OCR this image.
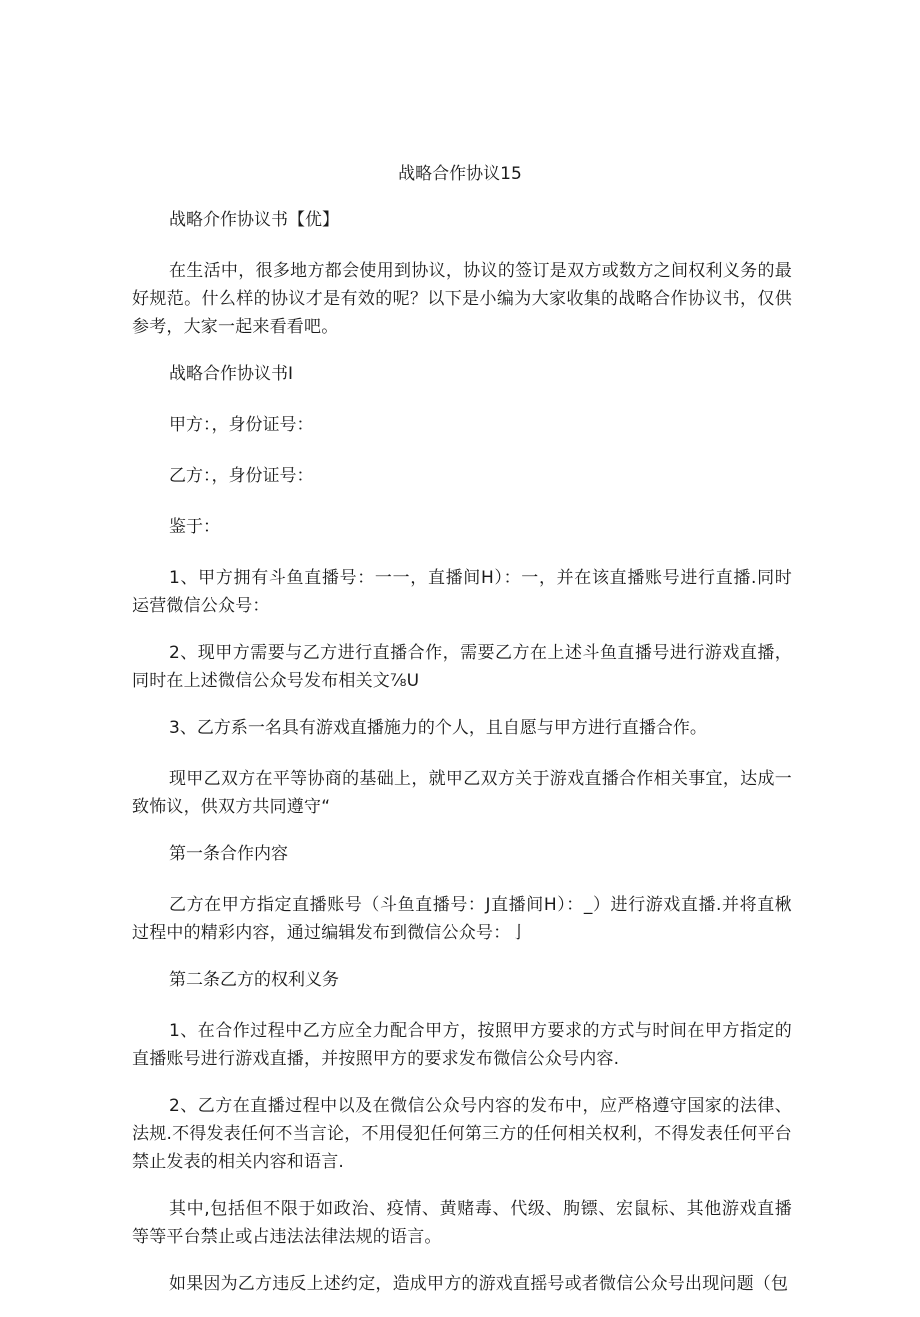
战略合作协议15

战略介作协议书【优】

在生活中，很多地方都会使用到协议，协议的签订是双方或数方之间权利义务的最好规范。什么样的协议才是有效的呢？以下是小编为大家收集的战略合作协议书，仅供参考，大家一起来看看吧。

战略合作协议书I

甲方：，身份证号：

乙方：，身份证号：

鉴于：

1、甲方拥有斗鱼直播号：一一，直播间H）：一，并在该直播账号进行直播.同时运营微信公众号：

2、现甲方需要与乙方进行直播合作，需要乙方在上述斗鱼直播号进行游戏直播，同时在上述微信公众号发布相关文⅞U

3、乙方系一名具有游戏直播施力的个人，且自愿与甲方进行直播合作。

现甲乙双方在平等协商的基础上，就甲乙双方关于游戏直播合作相关事宜，达成一致怖议，供双方共同遵守“

第一条合作内容

乙方在甲方指定直播账号（斗鱼直播号：J直播间H）：_）进行游戏直播.并将直楸过程中的精彩内容，通过编辑发布到微信公众号：亅

第二条乙方的权利义务

1、在合作过程中乙方应全力配合甲方，按照甲方要求的方式与时间在甲方指定的直播账号进行游戏直播，并按照甲方的要求发布微信公众号内容.

2、乙方在直播过程中以及在微信公众号内容的发布中，应严格遵守国家的法律、法规.不得发表任何不当言论，不用侵犯任何第三方的任何相关权利，不得发表任何平台禁止发表的相关内容和语言.

其中,包括但不限于如政治、疫情、黄赌毒、代级、朐镖、宏鼠标、其他游戏直播等等平台禁止或占违法法律法规的语言。

如果因为乙方违反上述约定，造成甲方的游戏直摇号或者微信公众号出现问题（包
